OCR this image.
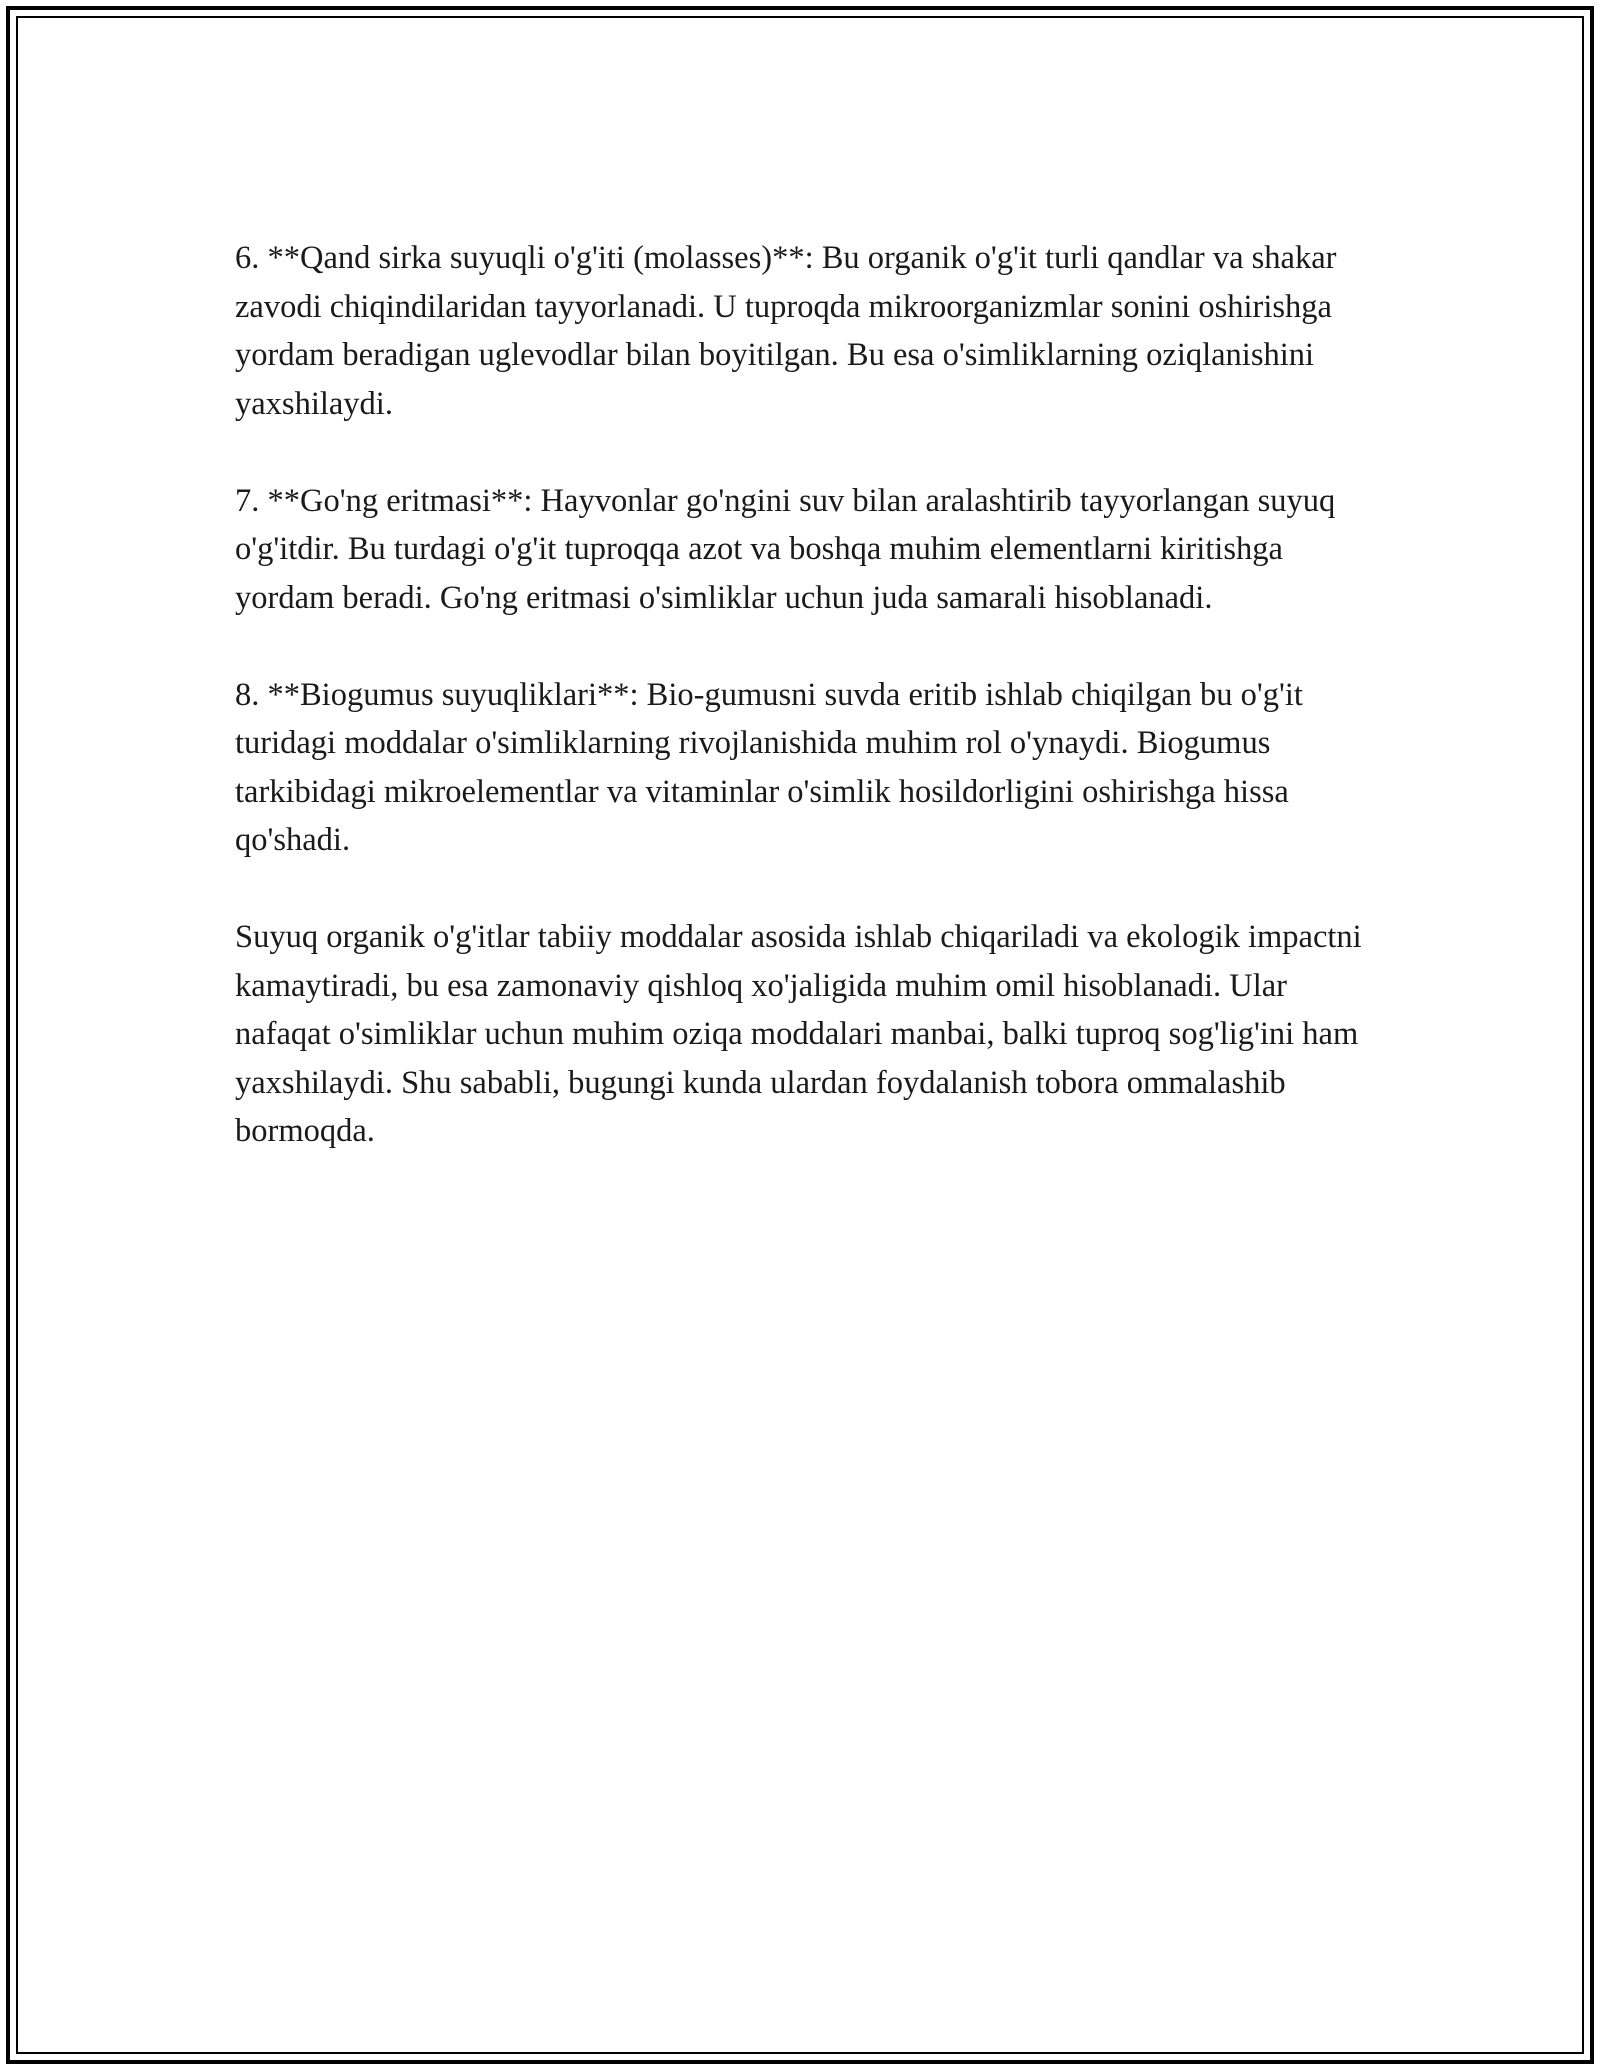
6. **Qand sirka suyuqli o'g'iti (molasses)**: Bu organik o'g'it turli qandlar va shakar zavodi chiqindilaridan tayyorlanadi. U tuproqda mikroorganizmlar sonini oshirishga yordam beradigan uglevodlar bilan boyitilgan. Bu esa o'simliklarning oziqlanishini yaxshilaydi.

7. **Go'ng eritmasi**: Hayvonlar go'ngini suv bilan aralashtirib tayyorlangan suyuq o'g'itdir. Bu turdagi o'g'it tuproqqa azot va boshqa muhim elementlarni kiritishga yordam beradi. Go'ng eritmasi o'simliklar uchun juda samarali hisoblanadi.

8. **Biogumus suyuqliklari**: Bio-gumusni suvda eritib ishlab chiqilgan bu o'g'it turidagi moddalar o'simliklarning rivojlanishida muhim rol o'ynaydi. Biogumus tarkibidagi mikroelementlar va vitaminlar o'simlik hosildorligini oshirishga hissa qo'shadi.

Suyuq organik o'g'itlar tabiiy moddalar asosida ishlab chiqariladi va ekologik impactni kamaytiradi, bu esa zamonaviy qishloq xo'jaligida muhim omil hisoblanadi. Ular nafaqat o'simliklar uchun muhim oziqa moddalari manbai, balki tuproq sog'lig'ini ham yaxshilaydi. Shu sababli, bugungi kunda ulardan foydalanish tobora ommalashib bormoqda.
